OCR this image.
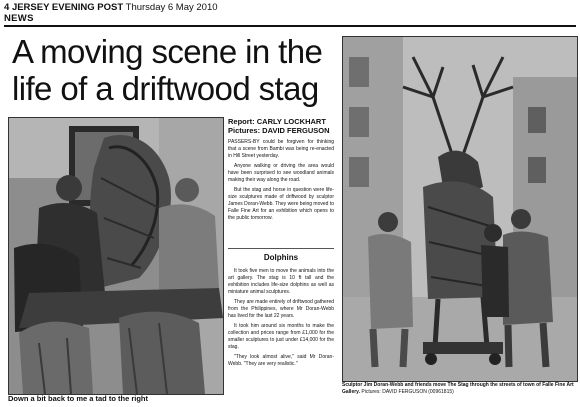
4 JERSEY EVENING POST Thursday 6 May 2010
NEWS
A moving scene in the life of a driftwood stag
Down a bit back to me a tad to the right
Report: CARLY LOCKHART
Pictures: DAVID FERGUSON

PASSERS-BY could be forgiven for thinking that a scene from Bambi was being re-enacted in Hill Street yesterday.

Anyone walking or driving the area would have been surprised to see woodland animals making their way along the road.

But the stag and horse in question were life-size sculptures made of driftwood by sculptor James Doran-Webb. They were being moved to Falle Fine Art for an exhibition which opens to the public tomorrow.

Dolphins

It took five men to move the animals into the art gallery. The stag is 10 ft tall and the exhibition includes life-size dolphins as well as miniature animal sculptures.

They are made entirely of driftwood gathered from the Philippines, where Mr Doran-Webb has lived for the last 22 years.

It took him around six months to make the collection and prices range from £1,000 for the smaller sculptures to just under £14,000 for the stag.

"They look almost alive," said Mr Doran-Webb. "They are very realistic."

Sculptor Jim Doran-Webb and friends move The Stag through the streets of town of Falle Fine Art Gallery. Pictures: DAVID FERGUSON (00961815)
